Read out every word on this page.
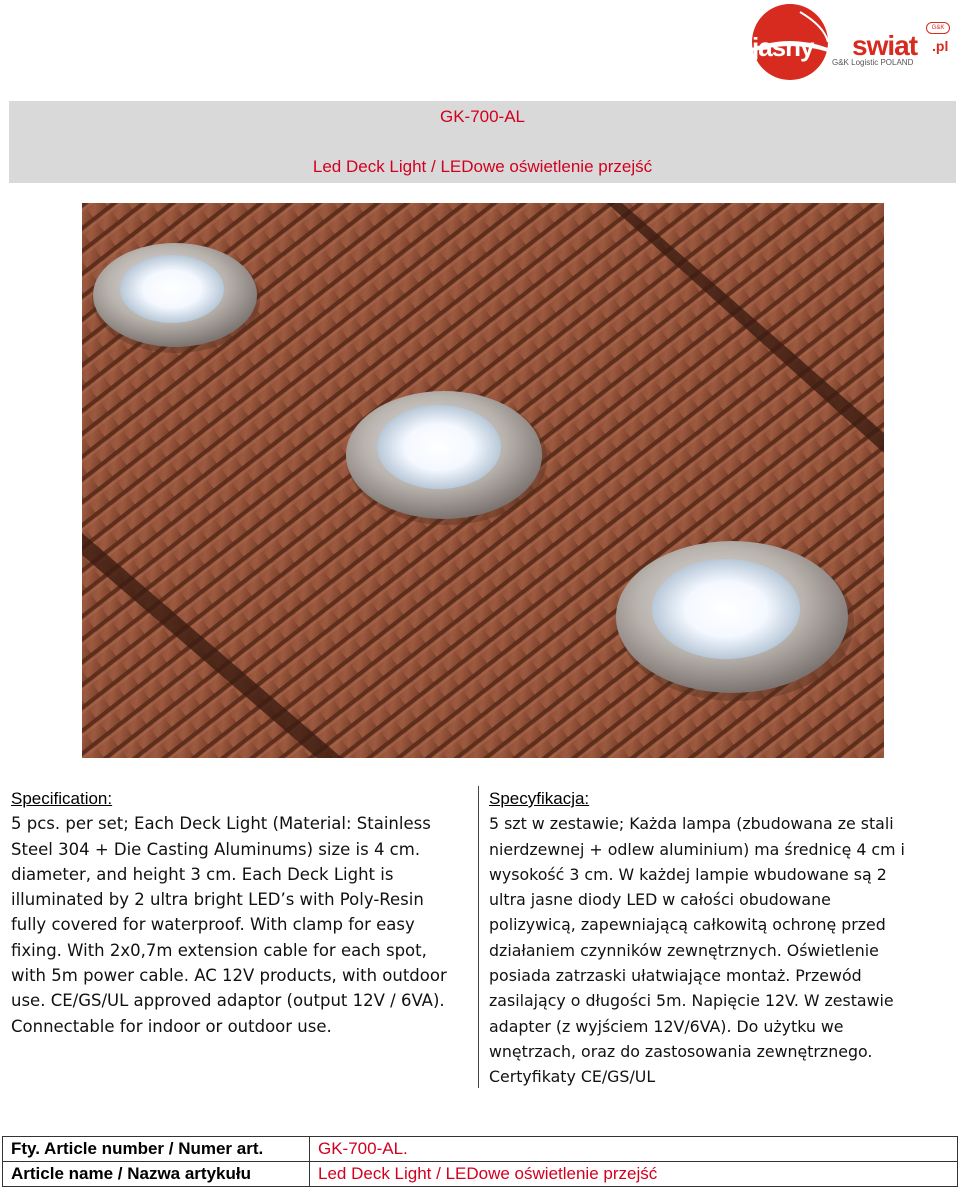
jasny swiat .pl
G&K
G&K Logistic POLAND
GK-700-AL
Led Deck Light / LEDowe oświetlenie przejść
Specification:
5 pcs. per set; Each Deck Light (Material: Stainless
Steel 304 + Die Casting Aluminums) size is 4 cm.
diameter, and height 3 cm. Each Deck Light is
illuminated by 2 ultra bright LED’s with Poly-Resin
fully covered for waterproof. With clamp for easy
fixing. With 2x0,7m extension cable for each spot,
with 5m power cable. AC 12V products, with outdoor
use. CE/GS/UL approved adaptor (output 12V / 6VA).
Connectable for indoor or outdoor use.
Specyfikacja:
5 szt w zestawie; Każda lampa (zbudowana ze stali
nierdzewnej + odlew aluminium) ma średnicę 4 cm i
wysokość 3 cm. W każdej lampie wbudowane są 2
ultra jasne diody LED w całości obudowane
polizywicą, zapewniającą całkowitą ochronę przed
działaniem czynników zewnętrznych. Oświetlenie
posiada zatrzaski ułatwiające montaż. Przewód
zasilający o długości 5m. Napięcie 12V. W zestawie
adapter (z wyjściem 12V/6VA). Do użytku we
wnętrzach, oraz do zastosowania zewnętrznego.
Certyfikaty CE/GS/UL
Fty. Article number / Numer art.	GK-700-AL.
Article name / Nazwa artykułu	Led Deck Light / LEDowe oświetlenie przejść
